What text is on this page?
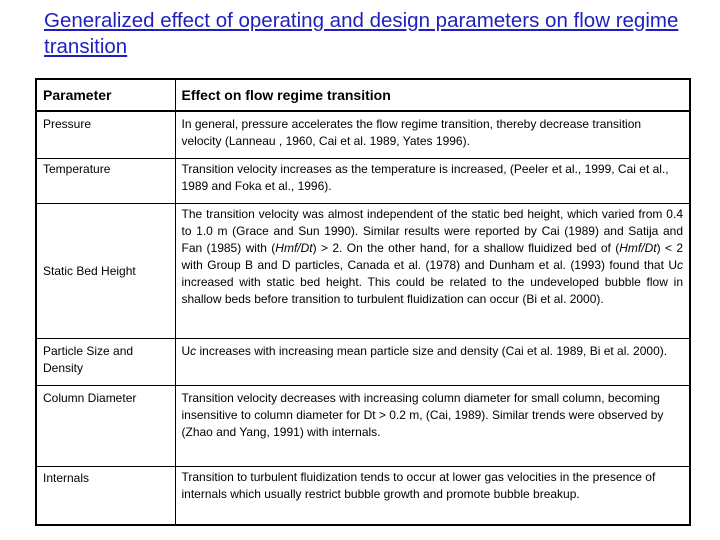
Generalized effect of operating and design parameters on flow regime transition
Parameter	Effect on flow regime transition
Pressure	In general, pressure accelerates the flow regime transition, thereby decrease transition velocity (Lanneau , 1960, Cai et al. 1989, Yates 1996).
Temperature	Transition velocity increases as the temperature is increased, (Peeler et al., 1999, Cai et al., 1989 and Foka et al., 1996).
Static Bed Height	The transition velocity was almost independent of the static bed height, which varied from 0.4 to 1.0 m (Grace and Sun 1990). Similar results were reported by Cai (1989) and Satija and Fan (1985) with (Hmf/Dt) > 2. On the other hand, for a shallow fluidized bed of (Hmf/Dt) < 2 with Group B and D particles, Canada et al. (1978) and Dunham et al. (1993) found that Uc increased with static bed height. This could be related to the undeveloped bubble flow in shallow beds before transition to turbulent fluidization can occur (Bi et al. 2000).
Particle Size and Density	Uc increases with increasing mean particle size and density (Cai et al. 1989, Bi et al. 2000).
Column Diameter	Transition velocity decreases with increasing column diameter for small column, becoming insensitive to column diameter for Dt > 0.2 m, (Cai, 1989). Similar trends were observed by (Zhao and Yang, 1991) with internals.
Internals	Transition to turbulent fluidization tends to occur at lower gas velocities in the presence of internals which usually restrict bubble growth and promote bubble breakup.
